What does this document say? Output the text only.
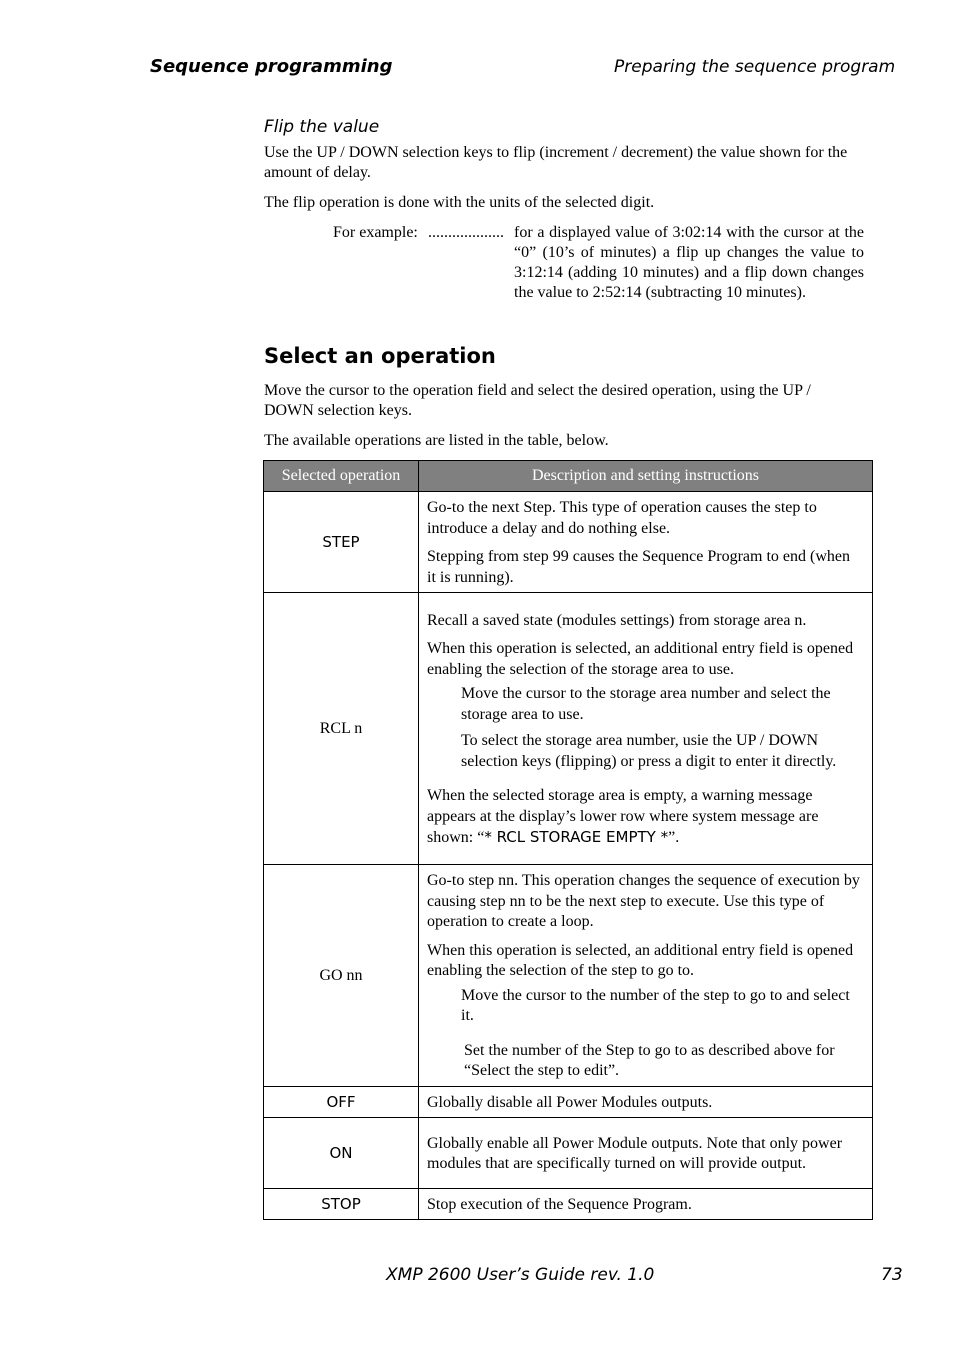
Sequence programming	Preparing the sequence program
Flip the value
Use the UP / DOWN selection keys to flip (increment / decrement) the value shown for the amount of delay.
The flip operation is done with the units of the selected digit.
For example: ................... for a displayed value of 3:02:14 with the cursor at the “0” (10’s of minutes) a flip up changes the value to 3:12:14 (adding 10 minutes) and a flip down changes the value to 2:52:14 (subtracting 10 minutes).
Select an operation
Move the cursor to the operation field and select the desired operation, using the UP / DOWN selection keys.
The available operations are listed in the table, below.
Selected operation	Description and setting instructions
STEP	Go-to the next Step. This type of operation causes the step to introduce a delay and do nothing else.

Stepping from step 99 causes the Sequence Program to end (when it is running).

RCL n	Recall a saved state (modules settings) from storage area n.

When this operation is selected, an additional entry field is opened enabling the selection of the storage area to use.

Move the cursor to the storage area number and select the storage area to use.

To select the storage area number, usie the UP / DOWN selection keys (flipping) or press a digit to enter it directly.

When the selected storage area is empty, a warning message appears at the display’s lower row where system message are shown: “* RCL STORAGE EMPTY *”.

GO nn	Go-to step nn. This operation changes the sequence of execution by causing step nn to be the next step to execute. Use this type of operation to create a loop.

When this operation is selected, an additional entry field is opened enabling the selection of the step to go to.

Move the cursor to the number of the step to go to and select it.

Set the number of the Step to go to as described above for “Select the step to edit”.

OFF	Globally disable all Power Modules outputs.

ON	Globally enable all Power Module outputs. Note that only power modules that are specifically turned on will provide output.

STOP	Stop execution of the Sequence Program.

XMP 2600 User’s Guide rev. 1.0	73
